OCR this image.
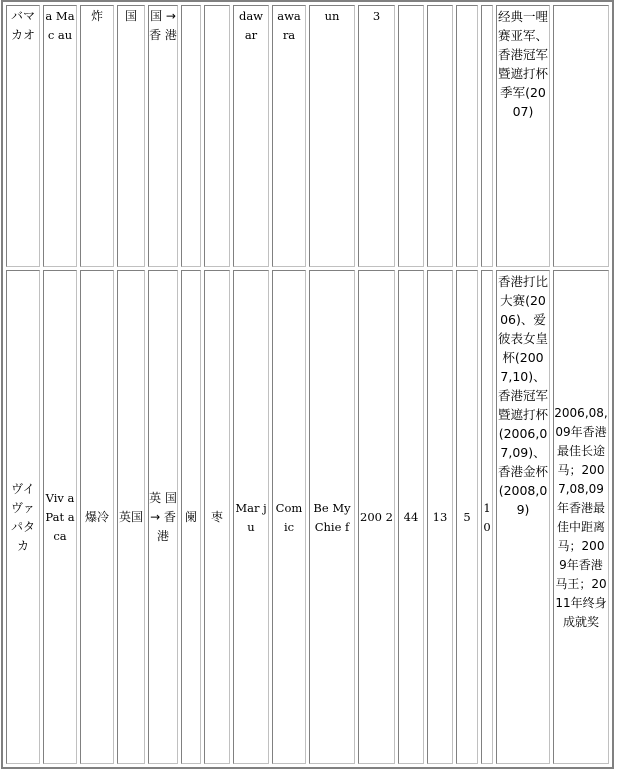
バマカオ	a Mac au	炸	国	国 → 香 港			daw ar	awa ra	un	3					经典一哩赛亚军、香港冠军暨遮打杯季军(2007)	
ヴイヴァパタカ	Viv a Pat aca	爆冷	英国	英 国 → 香 港	阑	枣	Mar ju	Com ic	Be My Chie f	200 2	44	13	5	1 0	香港打比大赛(2006)、爱彼表女皇杯(2007,10)、香港冠军暨遮打杯(2006,07,09)、香港金杯(2008,09)	2006,08,09年香港最佳长途马；2007,08,09年香港最佳中距离马；2009年香港马王；2011年终身成就奖
